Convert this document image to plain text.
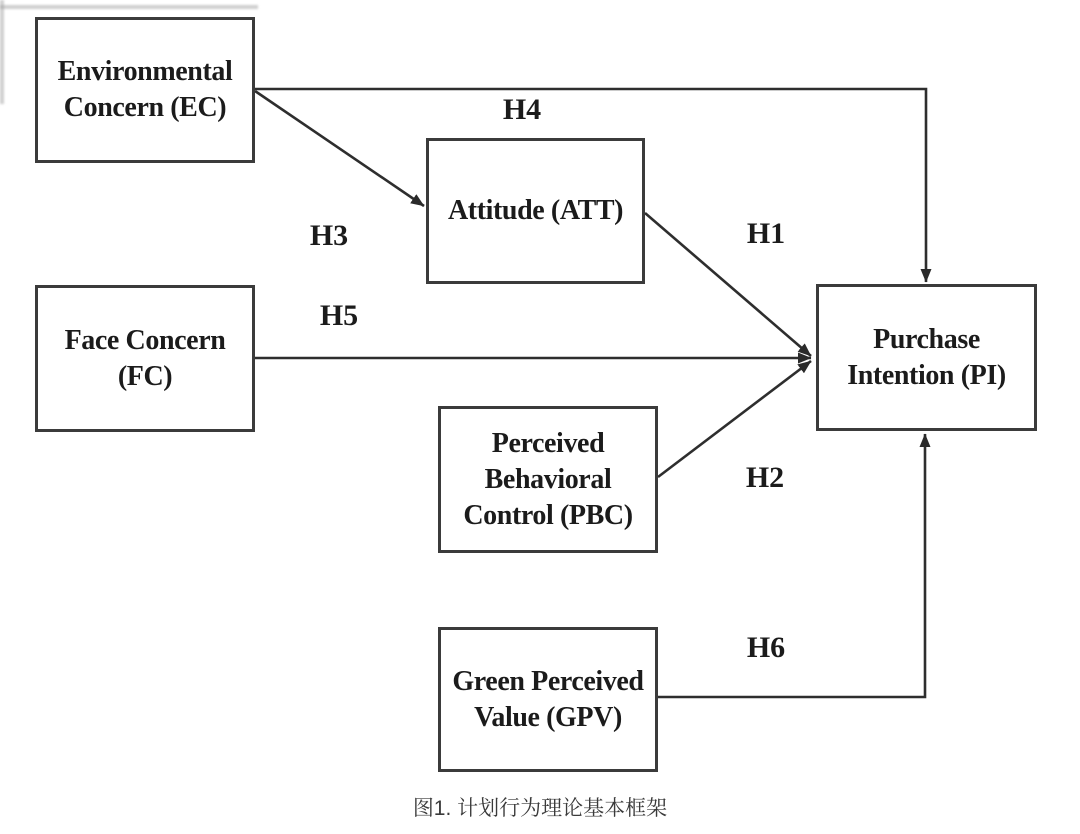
Environmental
Concern (EC)
Attitude (ATT)
Face Concern
(FC)
Perceived
Behavioral
Control (PBC)
Green Perceived
Value (GPV)
Purchase
Intention (PI)
H4
H3	H1
H5
H2
H6
图1. 计划行为理论基本框架
